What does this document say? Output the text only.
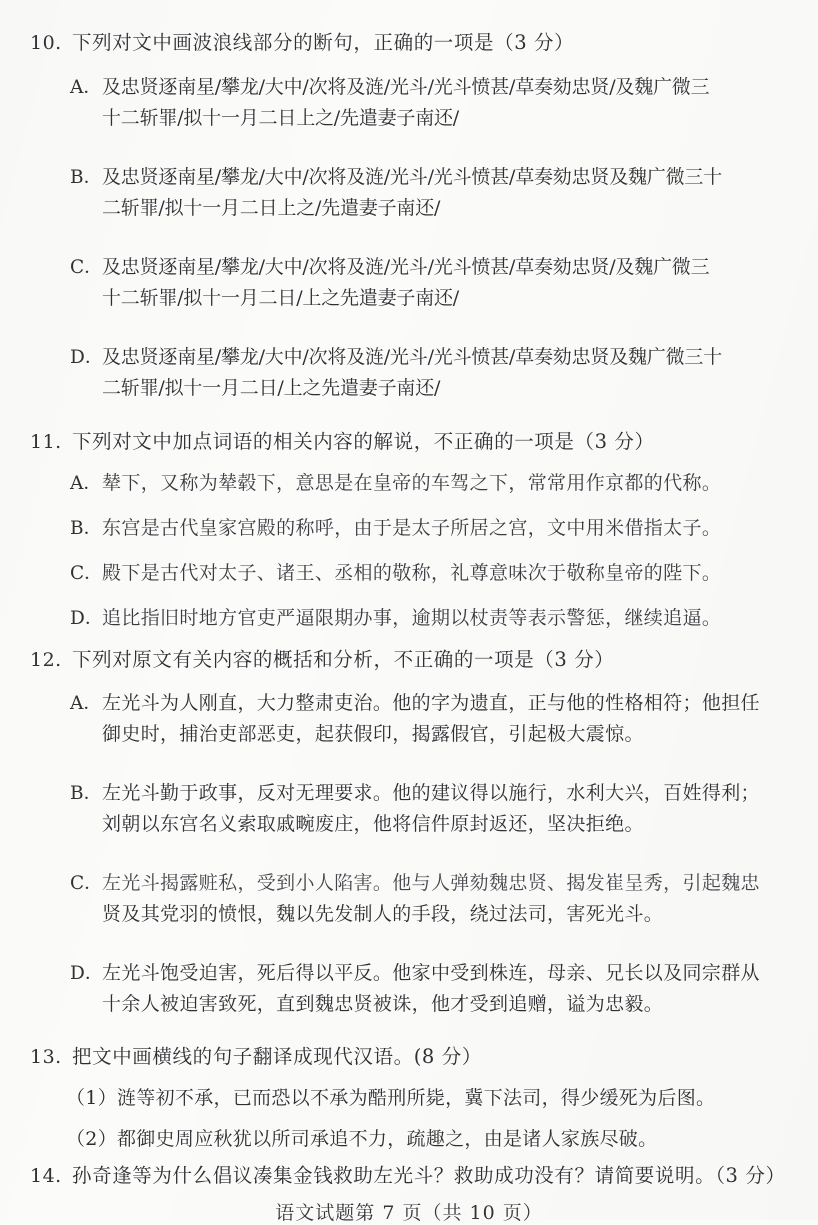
10. 下列对文中画波浪线部分的断句，正确的一项是（3 分）
A． 及忠贤逐南星/攀龙/大中/次将及涟/光斗/光斗愤甚/草奏劾忠贤/及魏广微三
十二斩罪/拟十一月二日上之/先遣妻子南还/
B． 及忠贤逐南星/攀龙/大中/次将及涟/光斗/光斗愤甚/草奏劾忠贤及魏广微三十
二斩罪/拟十一月二日上之/先遣妻子南还/
C． 及忠贤逐南星/攀龙/大中/次将及涟/光斗/光斗愤甚/草奏劾忠贤/及魏广微三
十二斩罪/拟十一月二日/上之先遣妻子南还/
D．
及忠贤逐南星/攀龙/大中/次将及涟/光斗/光斗愤甚/草奏劾忠贤及魏广微三十
二斩罪/拟十一月二日/上之先遣妻子南还/
11. 下列对文中加点词语的相关内容的解说，不正确的一项是（3 分）
A． 辇下，又称为辇毂下，意思是在皇帝的车驾之下，常常用作京都的代称。
B． 东宫是古代皇家宫殿的称呼，由于是太子所居之宫，文中用米借指太子。
C． 殿下是古代对太子、诸王、丞相的敬称，礼尊意味次于敬称皇帝的陛下。
D．
追比指旧时地方官吏严逼限期办事，逾期以杖责等表示警惩，继续追逼。
12. 下列对原文有关内容的概括和分析，不正确的一项是（3 分）
A． 左光斗为人刚直，大力整肃吏治。他的字为遗直，正与他的性格相符；他担任
御史时，捕治吏部恶吏，起获假印，揭露假官，引起极大震惊。
B． 左光斗勤于政事，反对无理要求。他的建议得以施行，水利大兴，百姓得利；
刘朝以东宫名义索取戚畹废庄，他将信件原封返还，坚决拒绝。
C． 左光斗揭露赃私，受到小人陷害。他与人弹劾魏忠贤、揭发崔呈秀，引起魏忠
贤及其党羽的愤恨，魏以先发制人的手段，绕过法司，害死光斗。
D．
左光斗饱受迫害，死后得以平反。他家中受到株连，母亲、兄长以及同宗群从
十余人被迫害致死，直到魏忠贤被诛，他才受到追赠，谥为忠毅。
13. 把文中画横线的句子翻译成现代汉语。(8 分）
（1）涟等初不承，已而恐以不承为酷刑所毙，冀下法司，得少缓死为后图。
（2）都御史周应秋犹以所司承追不力，疏趣之，由是诸人家族尽破。
14. 孙奇逢等为什么倡议凑集金钱救助左光斗？救助成功没有？请简要说明。（3 分）
语文试题第 7 页（共 10 页）
